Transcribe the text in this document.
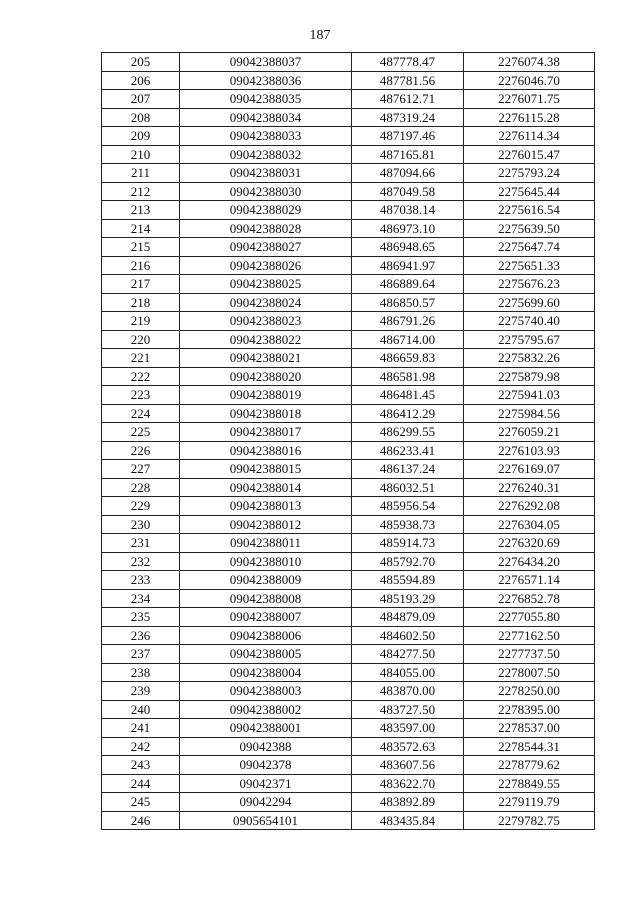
187
205	09042388037	487778.47	2276074.38
206	09042388036	487781.56	2276046.70
207	09042388035	487612.71	2276071.75
208	09042388034	487319.24	2276115.28
209	09042388033	487197.46	2276114.34
210	09042388032	487165.81	2276015.47
211	09042388031	487094.66	2275793.24
212	09042388030	487049.58	2275645.44
213	09042388029	487038.14	2275616.54
214	09042388028	486973.10	2275639.50
215	09042388027	486948.65	2275647.74
216	09042388026	486941.97	2275651.33
217	09042388025	486889.64	2275676.23
218	09042388024	486850.57	2275699.60
219	09042388023	486791.26	2275740.40
220	09042388022	486714.00	2275795.67
221	09042388021	486659.83	2275832.26
222	09042388020	486581.98	2275879.98
223	09042388019	486481.45	2275941.03
224	09042388018	486412.29	2275984.56
225	09042388017	486299.55	2276059.21
226	09042388016	486233.41	2276103.93
227	09042388015	486137.24	2276169.07
228	09042388014	486032.51	2276240.31
229	09042388013	485956.54	2276292.08
230	09042388012	485938.73	2276304.05
231	09042388011	485914.73	2276320.69
232	09042388010	485792.70	2276434.20
233	09042388009	485594.89	2276571.14
234	09042388008	485193.29	2276852.78
235	09042388007	484879.09	2277055.80
236	09042388006	484602.50	2277162.50
237	09042388005	484277.50	2277737.50
238	09042388004	484055.00	2278007.50
239	09042388003	483870.00	2278250.00
240	09042388002	483727.50	2278395.00
241	09042388001	483597.00	2278537.00
242	09042388	483572.63	2278544.31
243	09042378	483607.56	2278779.62
244	09042371	483622.70	2278849.55
245	09042294	483892.89	2279119.79
246	0905654101	483435.84	2279782.75
